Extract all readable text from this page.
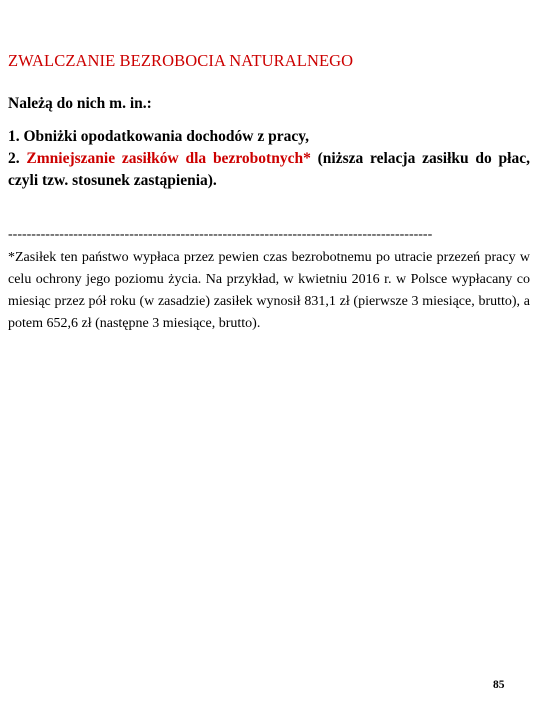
ZWALCZANIE BEZROBOCIA NATURALNEGO
Należą do nich m. in.:
1. Obniżki opodatkowania dochodów z pracy,
2. Zmniejszanie zasiłków dla bezrobotnych* (niższa relacja zasiłku do płac, czyli tzw. stosunek zastąpienia).
-------------------------------------------------------------------------------------------
*Zasiłek ten państwo wypłaca przez pewien czas bezrobotnemu po utracie przezeń pracy w celu ochrony jego poziomu życia. Na przykład, w kwietniu 2016 r. w Polsce wypłacany co miesiąc przez pół roku (w zasadzie) zasiłek wynosił 831,1 zł (pierwsze 3 miesiące, brutto), a potem 652,6 zł (następne 3 miesiące, brutto).
85
